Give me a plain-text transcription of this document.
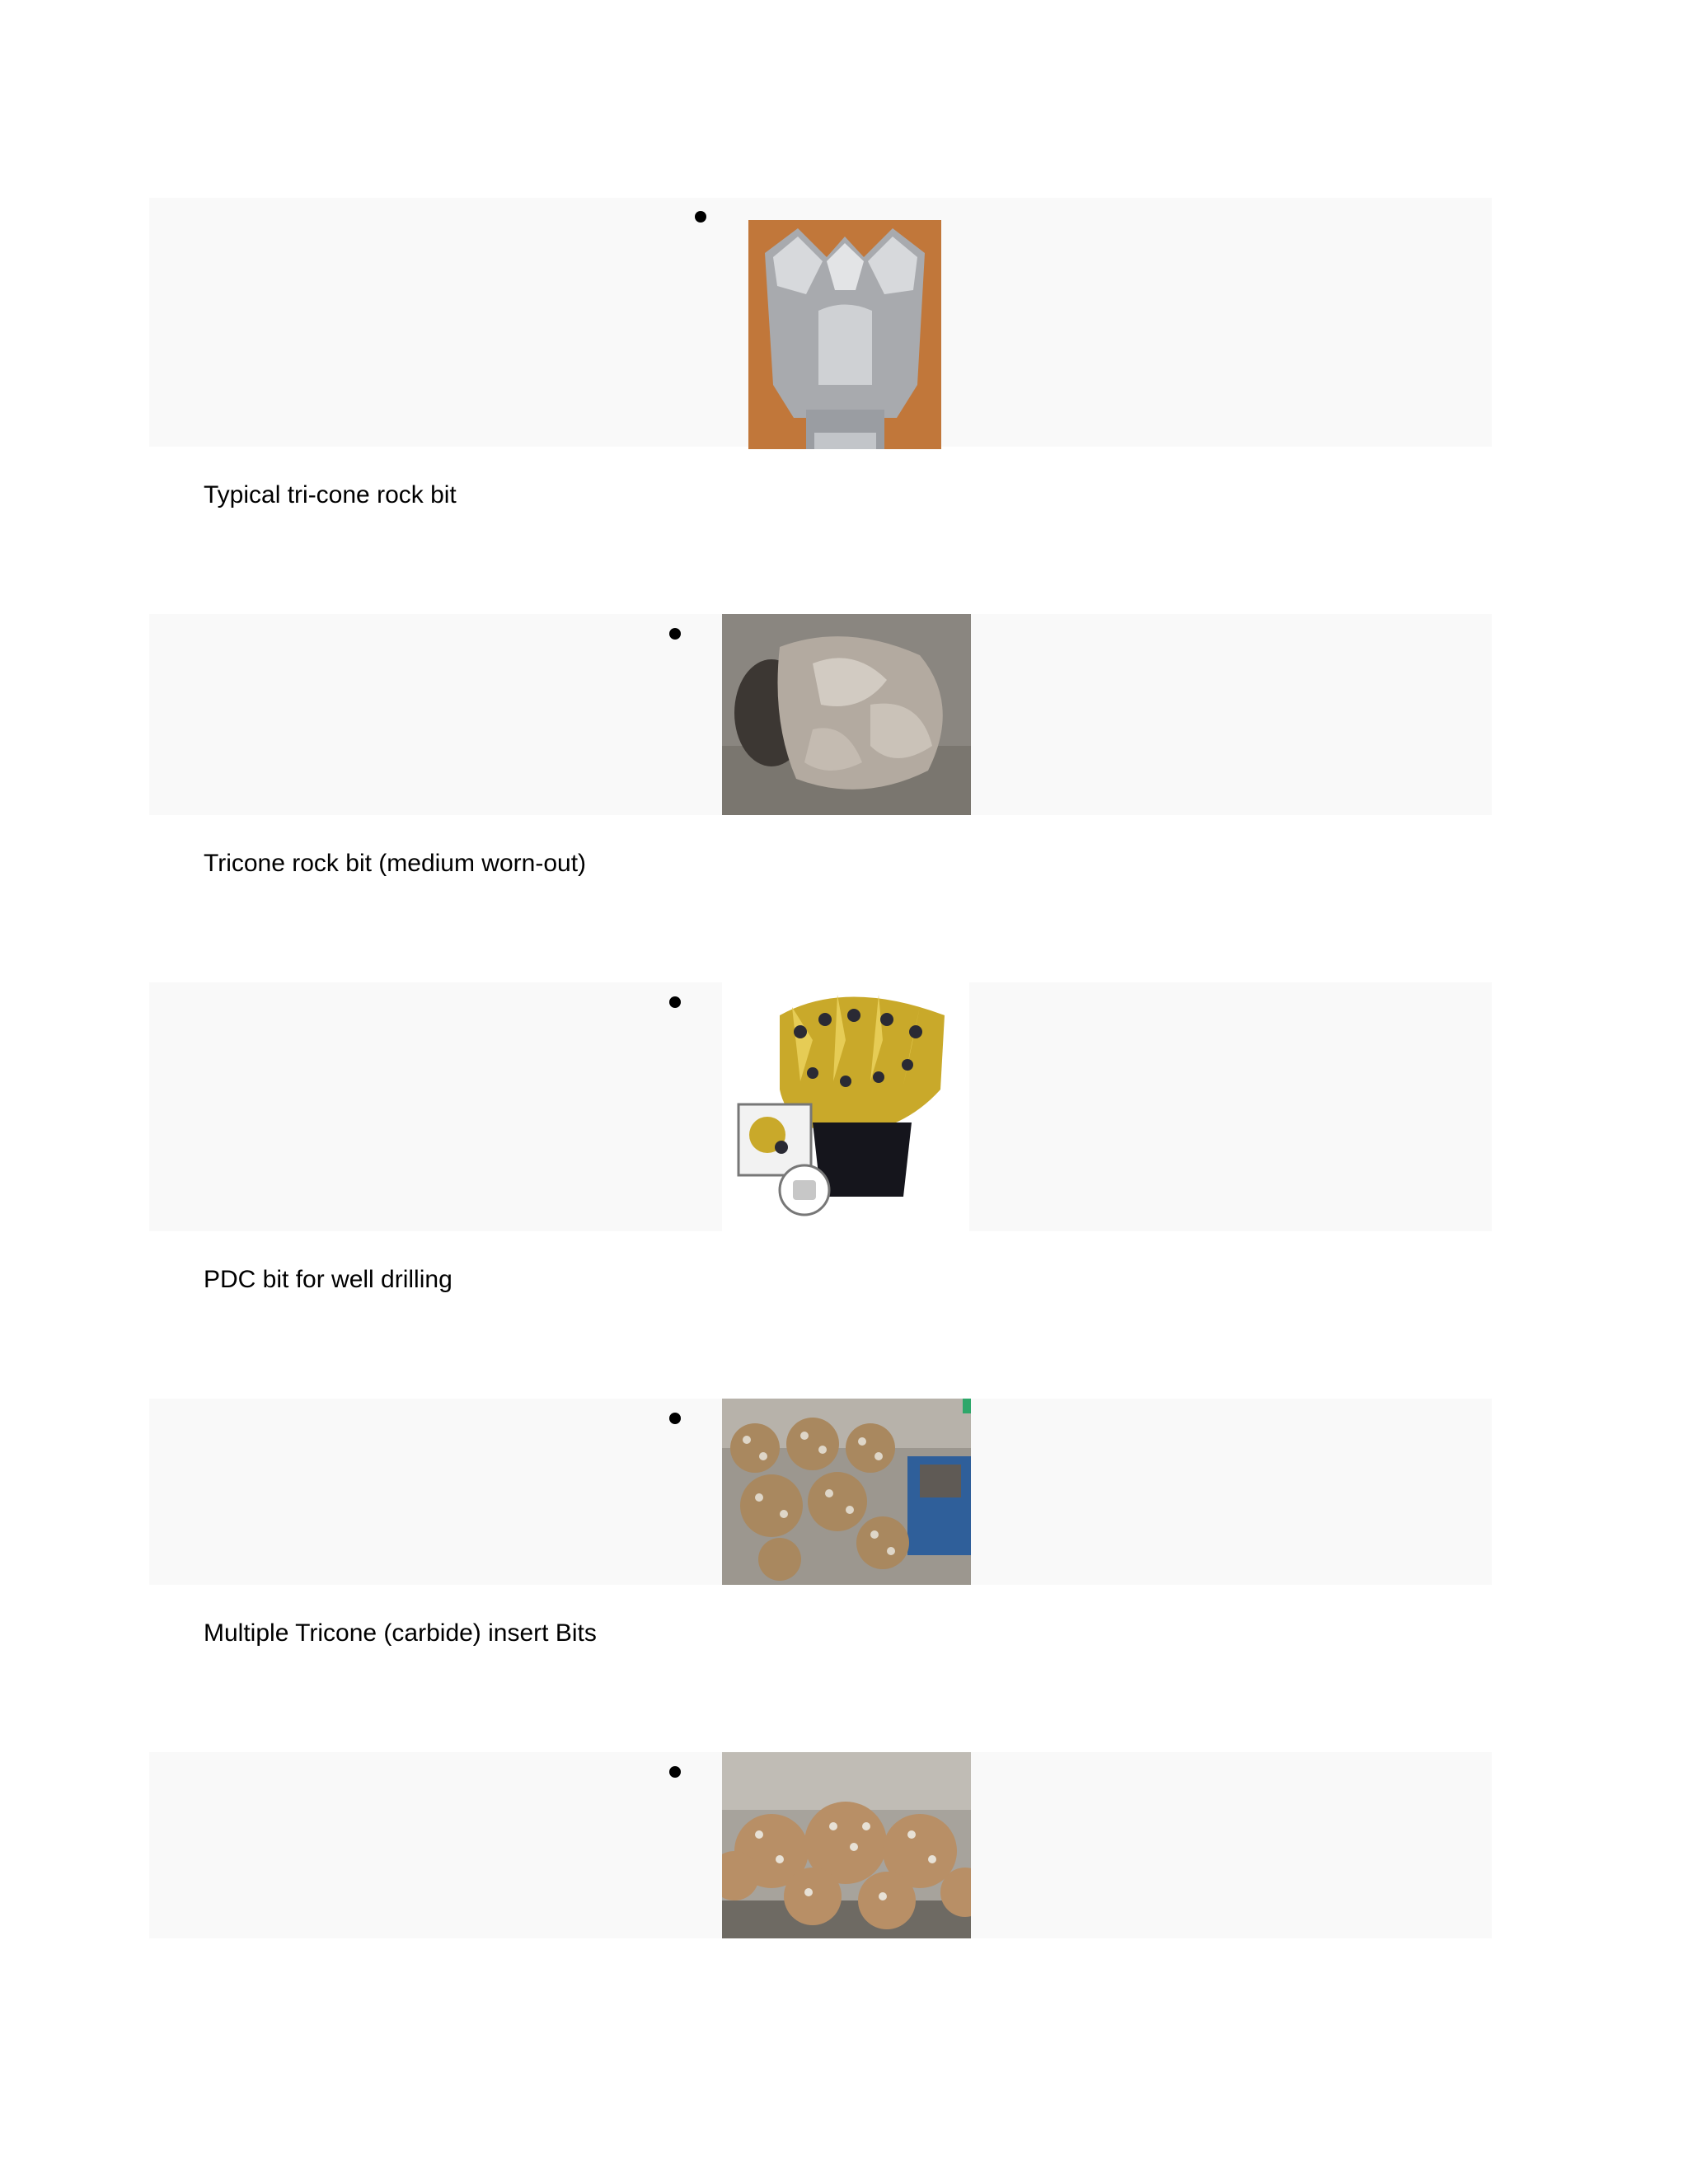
Typical tri-cone rock bit
Tricone rock bit (medium worn-out)
PDC bit for well drilling
Multiple Tricone (carbide) insert Bits
